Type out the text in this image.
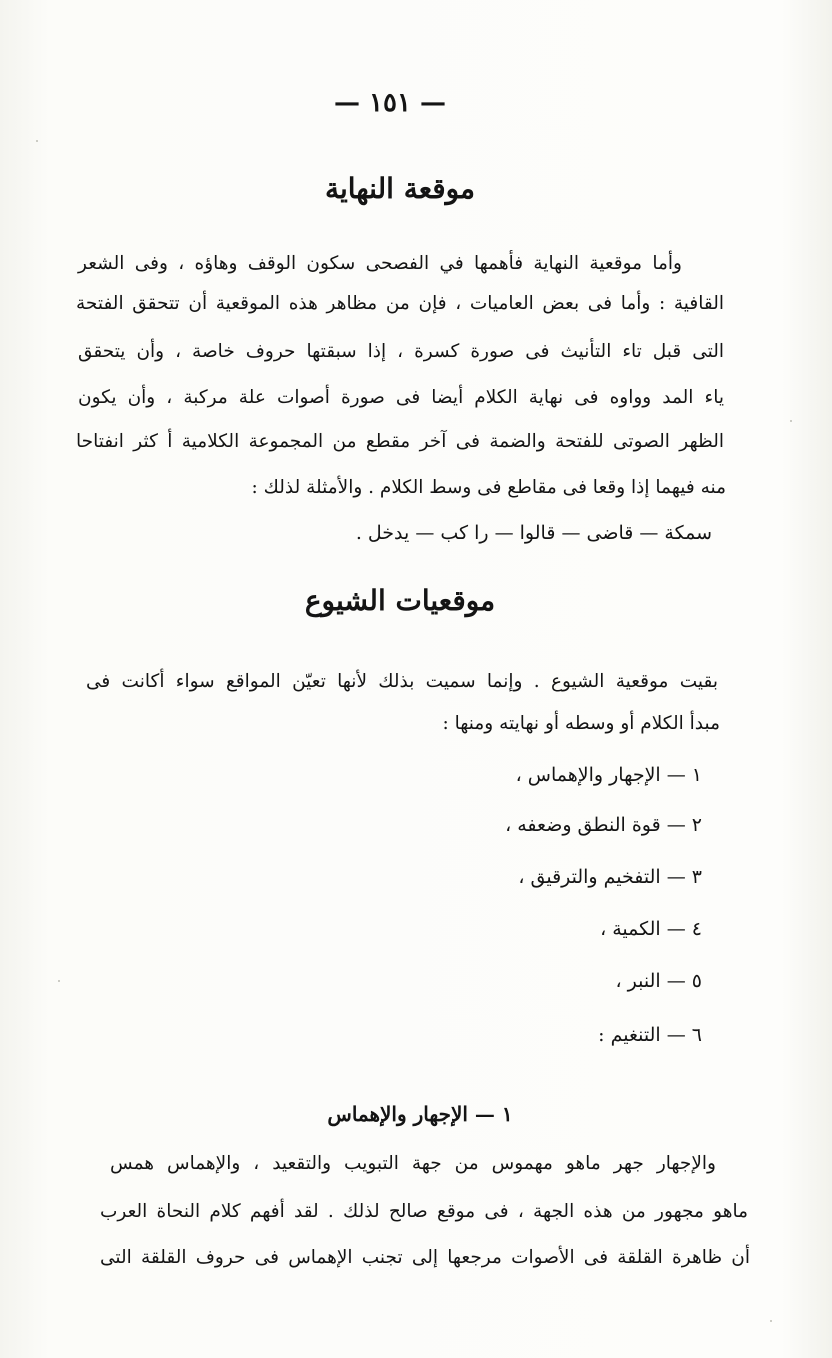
— ١٥١ —
موقعة النهاية
وأما موقعية النهاية فأهمها في الفصحى سكون الوقف وهاؤه ، وفى الشعر
القافية : وأما فى بعض العاميات ، فإن من مظاهر هذه الموقعية أن تتحقق الفتحة
التى قبل تاء التأنيث فى صورة كسرة ، إذا سبقتها حروف خاصة ، وأن يتحقق
ياء المد وواوه فى نهاية الكلام أيضا فى صورة أصوات علة مركبة ، وأن يكون
الظهر الصوتى للفتحة والضمة فى آخر مقطع من المجموعة الكلامية أ كثر انفتاحا
منه فيهما إذا وقعا فى مقاطع فى وسط الكلام . والأمثلة لذلك :
سمكة — قاضى — قالوا — را كب — يدخل .
موقعيات الشيوع
بقيت موقعية الشيوع . وإنما سميت بذلك لأنها تعيّن المواقع سواء أكانت فى
مبدأ الكلام أو وسطه أو نهايته ومنها :
١ — الإجهار والإهماس ،
٢ — قوة النطق وضعفه ،
٣ — التفخيم والترقيق ،
٤ — الكمية ،
٥ — النبر ،
٦ — التنغيم :
١ — الإجهار والإهماس
والإجهار جهر ماهو مهموس من جهة التبويب والتقعيد ، والإهماس همس
ماهو مجهور من هذه الجهة ، فى موقع صالح لذلك . لقد أفهم كلام النحاة العرب
أن ظاهرة القلقة فى الأصوات مرجعها إلى تجنب الإهماس فى حروف القلقة التى
